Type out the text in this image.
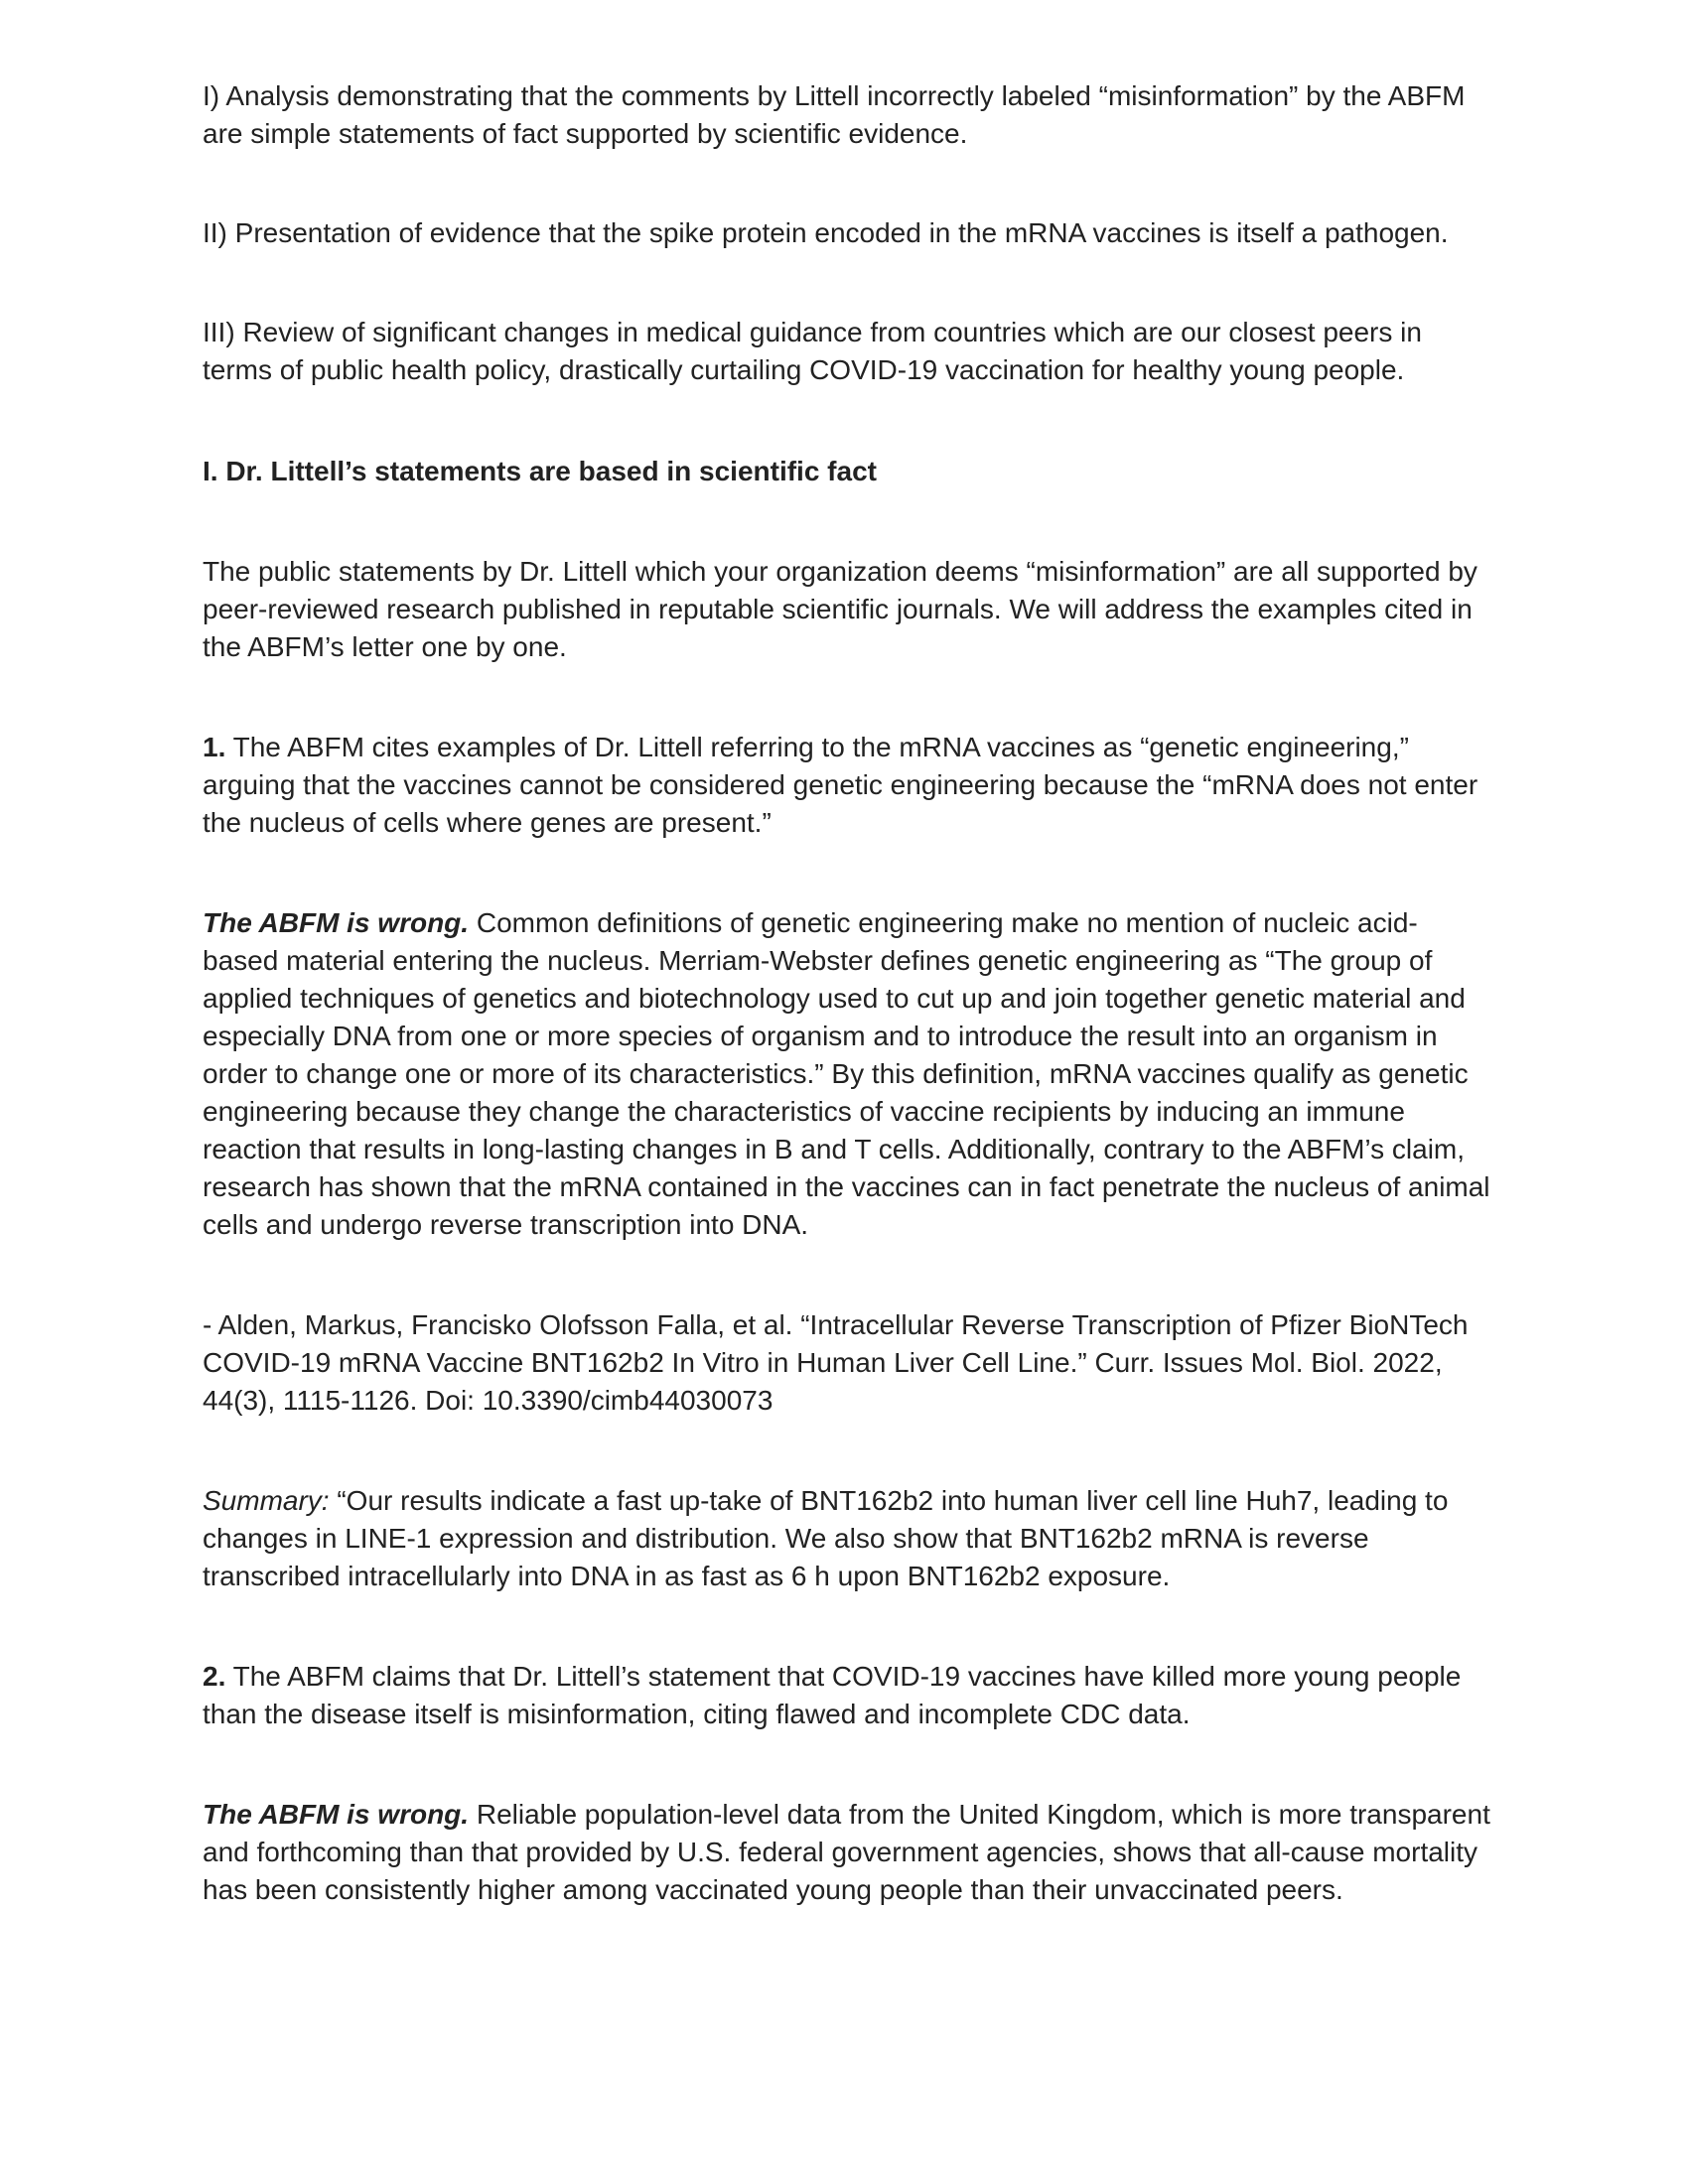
I) Analysis demonstrating that the comments by Littell incorrectly labeled “misinformation” by the ABFM are simple statements of fact supported by scientific evidence.

II) Presentation of evidence that the spike protein encoded in the mRNA vaccines is itself a pathogen.

III) Review of significant changes in medical guidance from countries which are our closest peers in terms of public health policy, drastically curtailing COVID-19 vaccination for healthy young people.

I. Dr. Littell’s statements are based in scientific fact

The public statements by Dr. Littell which your organization deems “misinformation” are all supported by peer-reviewed research published in reputable scientific journals. We will address the examples cited in the ABFM’s letter one by one.

1. The ABFM cites examples of Dr. Littell referring to the mRNA vaccines as “genetic engineering,” arguing that the vaccines cannot be considered genetic engineering because the “mRNA does not enter the nucleus of cells where genes are present.”

The ABFM is wrong. Common definitions of genetic engineering make no mention of nucleic acid-based material entering the nucleus. Merriam-Webster defines genetic engineering as “The group of applied techniques of genetics and biotechnology used to cut up and join together genetic material and especially DNA from one or more species of organism and to introduce the result into an organism in order to change one or more of its characteristics.” By this definition, mRNA vaccines qualify as genetic engineering because they change the characteristics of vaccine recipients by inducing an immune reaction that results in long-lasting changes in B and T cells. Additionally, contrary to the ABFM’s claim, research has shown that the mRNA contained in the vaccines can in fact penetrate the nucleus of animal cells and undergo reverse transcription into DNA.

- Alden, Markus, Francisko Olofsson Falla, et al. “Intracellular Reverse Transcription of Pfizer BioNTech COVID-19 mRNA Vaccine BNT162b2 In Vitro in Human Liver Cell Line.” Curr. Issues Mol. Biol. 2022, 44(3), 1115-1126. Doi: 10.3390/cimb44030073

Summary: “Our results indicate a fast up-take of BNT162b2 into human liver cell line Huh7, leading to changes in LINE-1 expression and distribution. We also show that BNT162b2 mRNA is reverse transcribed intracellularly into DNA in as fast as 6 h upon BNT162b2 exposure.

2. The ABFM claims that Dr. Littell’s statement that COVID-19 vaccines have killed more young people than the disease itself is misinformation, citing flawed and incomplete CDC data.

The ABFM is wrong. Reliable population-level data from the United Kingdom, which is more transparent and forthcoming than that provided by U.S. federal government agencies, shows that all-cause mortality has been consistently higher among vaccinated young people than their unvaccinated peers.
